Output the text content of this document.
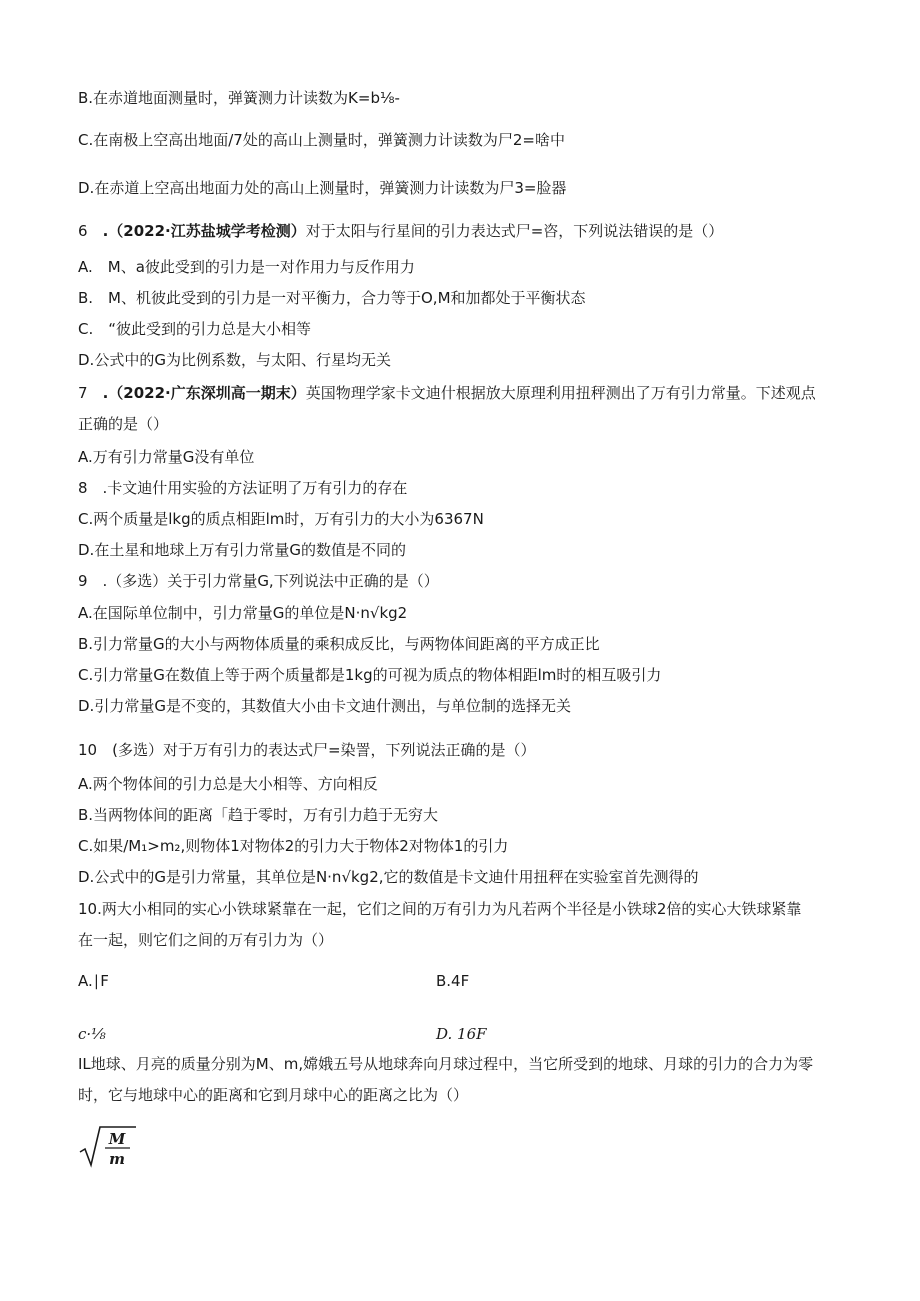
B.在赤道地面测量时，弹簧测力计读数为K=b⅛-
C.在南极上空高出地面/7处的高山上测量时，弹簧测力计读数为尸2=啥中
D.在赤道上空高出地面力处的高山上测量时，弹簧测力计读数为尸3=脸器
6　 .（2022·江苏盐城学考检测）对于太阳与行星间的引力表达式尸=咨，下列说法错误的是（）
A.　M、a彼此受到的引力是一对作用力与反作用力
B.　M、机彼此受到的引力是一对平衡力，合力等于O,M和加都处于平衡状态
C.　“彼此受到的引力总是大小相等
D.公式中的G为比例系数，与太阳、行星均无关
7　 .（2022·广东深圳高一期末）英国物理学家卡文迪什根据放大原理利用扭秤测出了万有引力常量。下述观点
正确的是（）
A.万有引力常量G没有单位
8　.卡文迪什用实验的方法证明了万有引力的存在
C.两个质量是lkg的质点相距lm时，万有引力的大小为6367N
D.在土星和地球上万有引力常量G的数值是不同的
9　.（多选）关于引力常量G,下列说法中正确的是（）
A.在国际单位制中，引力常量G的单位是N·n√kg2
B.引力常量G的大小与两物体质量的乘积成反比，与两物体间距离的平方成正比
C.引力常量G在数值上等于两个质量都是1kg的可视为质点的物体相距lm时的相互吸引力
D.引力常量G是不变的，其数值大小由卡文迪什测出，与单位制的选择无关
10　(多选）对于万有引力的表达式尸=染詈，下列说法正确的是（）
A.两个物体间的引力总是大小相等、方向相反
B.当两物体间的距离「趋于零时，万有引力趋于无穷大
C.如果/M₁>m₂,则物体1对物体2的引力大于物体2对物体1的引力
D.公式中的G是引力常量，其单位是N·n√kg2,它的数值是卡文迪什用扭秤在实验室首先测得的
10.两大小相同的实心小铁球紧靠在一起，它们之间的万有引力为凡若两个半径是小铁球2倍的实心大铁球紧靠
在一起，则它们之间的万有引力为（）
A.∣F	B.4F
c·⅛	D. 16F
IL地球、月亮的质量分别为M、m,嫦娥五号从地球奔向月球过程中，当它所受到的地球、月球的引力的合力为零
时，它与地球中心的距离和它到月球中心的距离之比为（）
M
m
